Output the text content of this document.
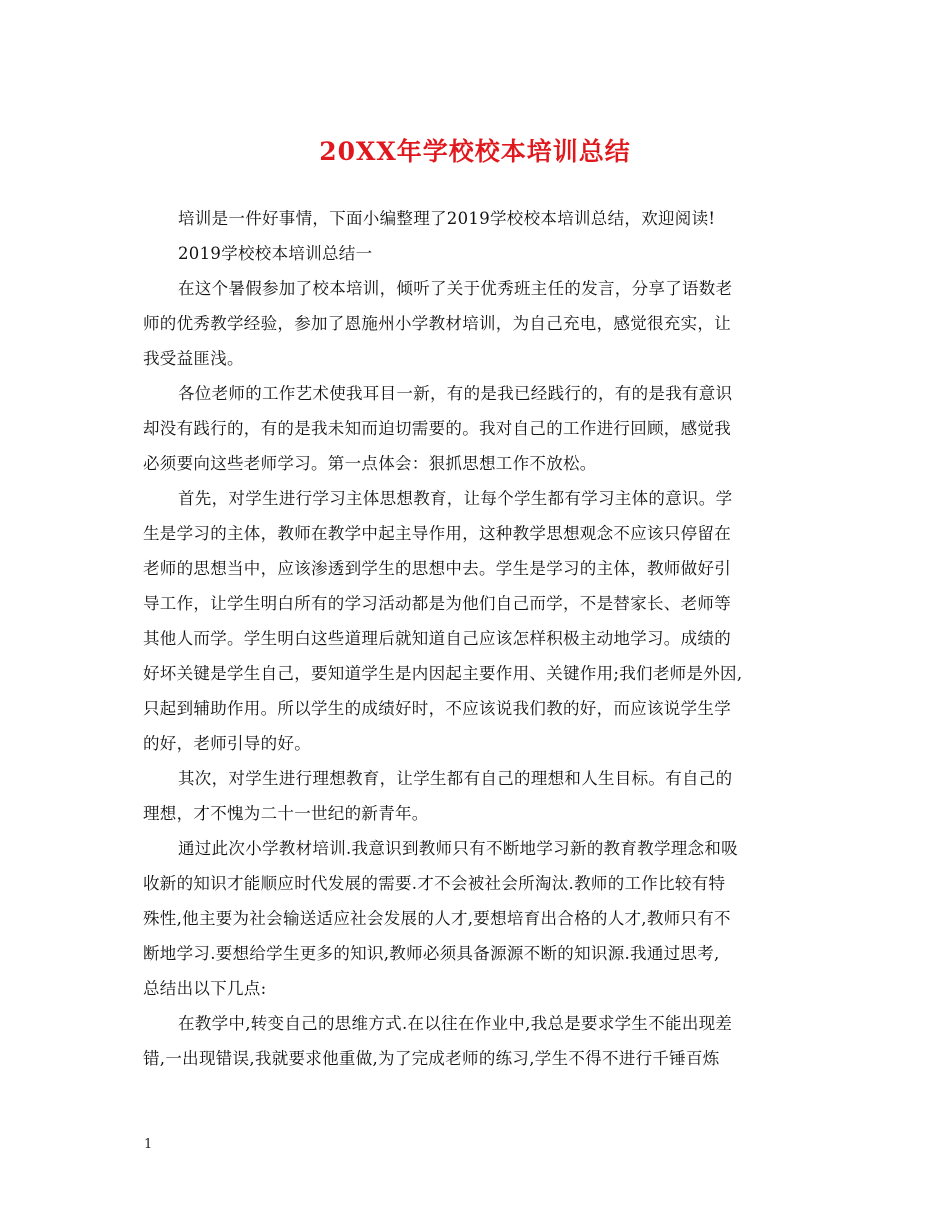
20XX年学校校本培训总结
培训是一件好事情，下面小编整理了2019学校校本培训总结，欢迎阅读!
2019学校校本培训总结一
在这个暑假参加了校本培训，倾听了关于优秀班主任的发言，分享了语数老
师的优秀教学经验，参加了恩施州小学教材培训，为自己充电，感觉很充实，让
我受益匪浅。
各位老师的工作艺术使我耳目一新，有的是我已经践行的，有的是我有意识
却没有践行的，有的是我未知而迫切需要的。我对自己的工作进行回顾，感觉我
必须要向这些老师学习。第一点体会：狠抓思想工作不放松。
首先，对学生进行学习主体思想教育，让每个学生都有学习主体的意识。学
生是学习的主体，教师在教学中起主导作用，这种教学思想观念不应该只停留在
老师的思想当中，应该渗透到学生的思想中去。学生是学习的主体，教师做好引
导工作，让学生明白所有的学习活动都是为他们自己而学，不是替家长、老师等
其他人而学。学生明白这些道理后就知道自己应该怎样积极主动地学习。成绩的
好坏关键是学生自己，要知道学生是内因起主要作用、关键作用;我们老师是外因,
只起到辅助作用。所以学生的成绩好时，不应该说我们教的好，而应该说学生学
的好，老师引导的好。
其次，对学生进行理想教育，让学生都有自己的理想和人生目标。有自己的
理想，才不愧为二十一世纪的新青年。
通过此次小学教材培训.我意识到教师只有不断地学习新的教育教学理念和吸
收新的知识才能顺应时代发展的需要.才不会被社会所淘汰.教师的工作比较有特
殊性,他主要为社会输送适应社会发展的人才,要想培育出合格的人才,教师只有不
断地学习.要想给学生更多的知识,教师必须具备源源不断的知识源.我通过思考,
总结出以下几点:
在教学中,转变自己的思维方式.在以往在作业中,我总是要求学生不能出现差
错,一出现错误,我就要求他重做,为了完成老师的练习,学生不得不进行千锤百炼
1
